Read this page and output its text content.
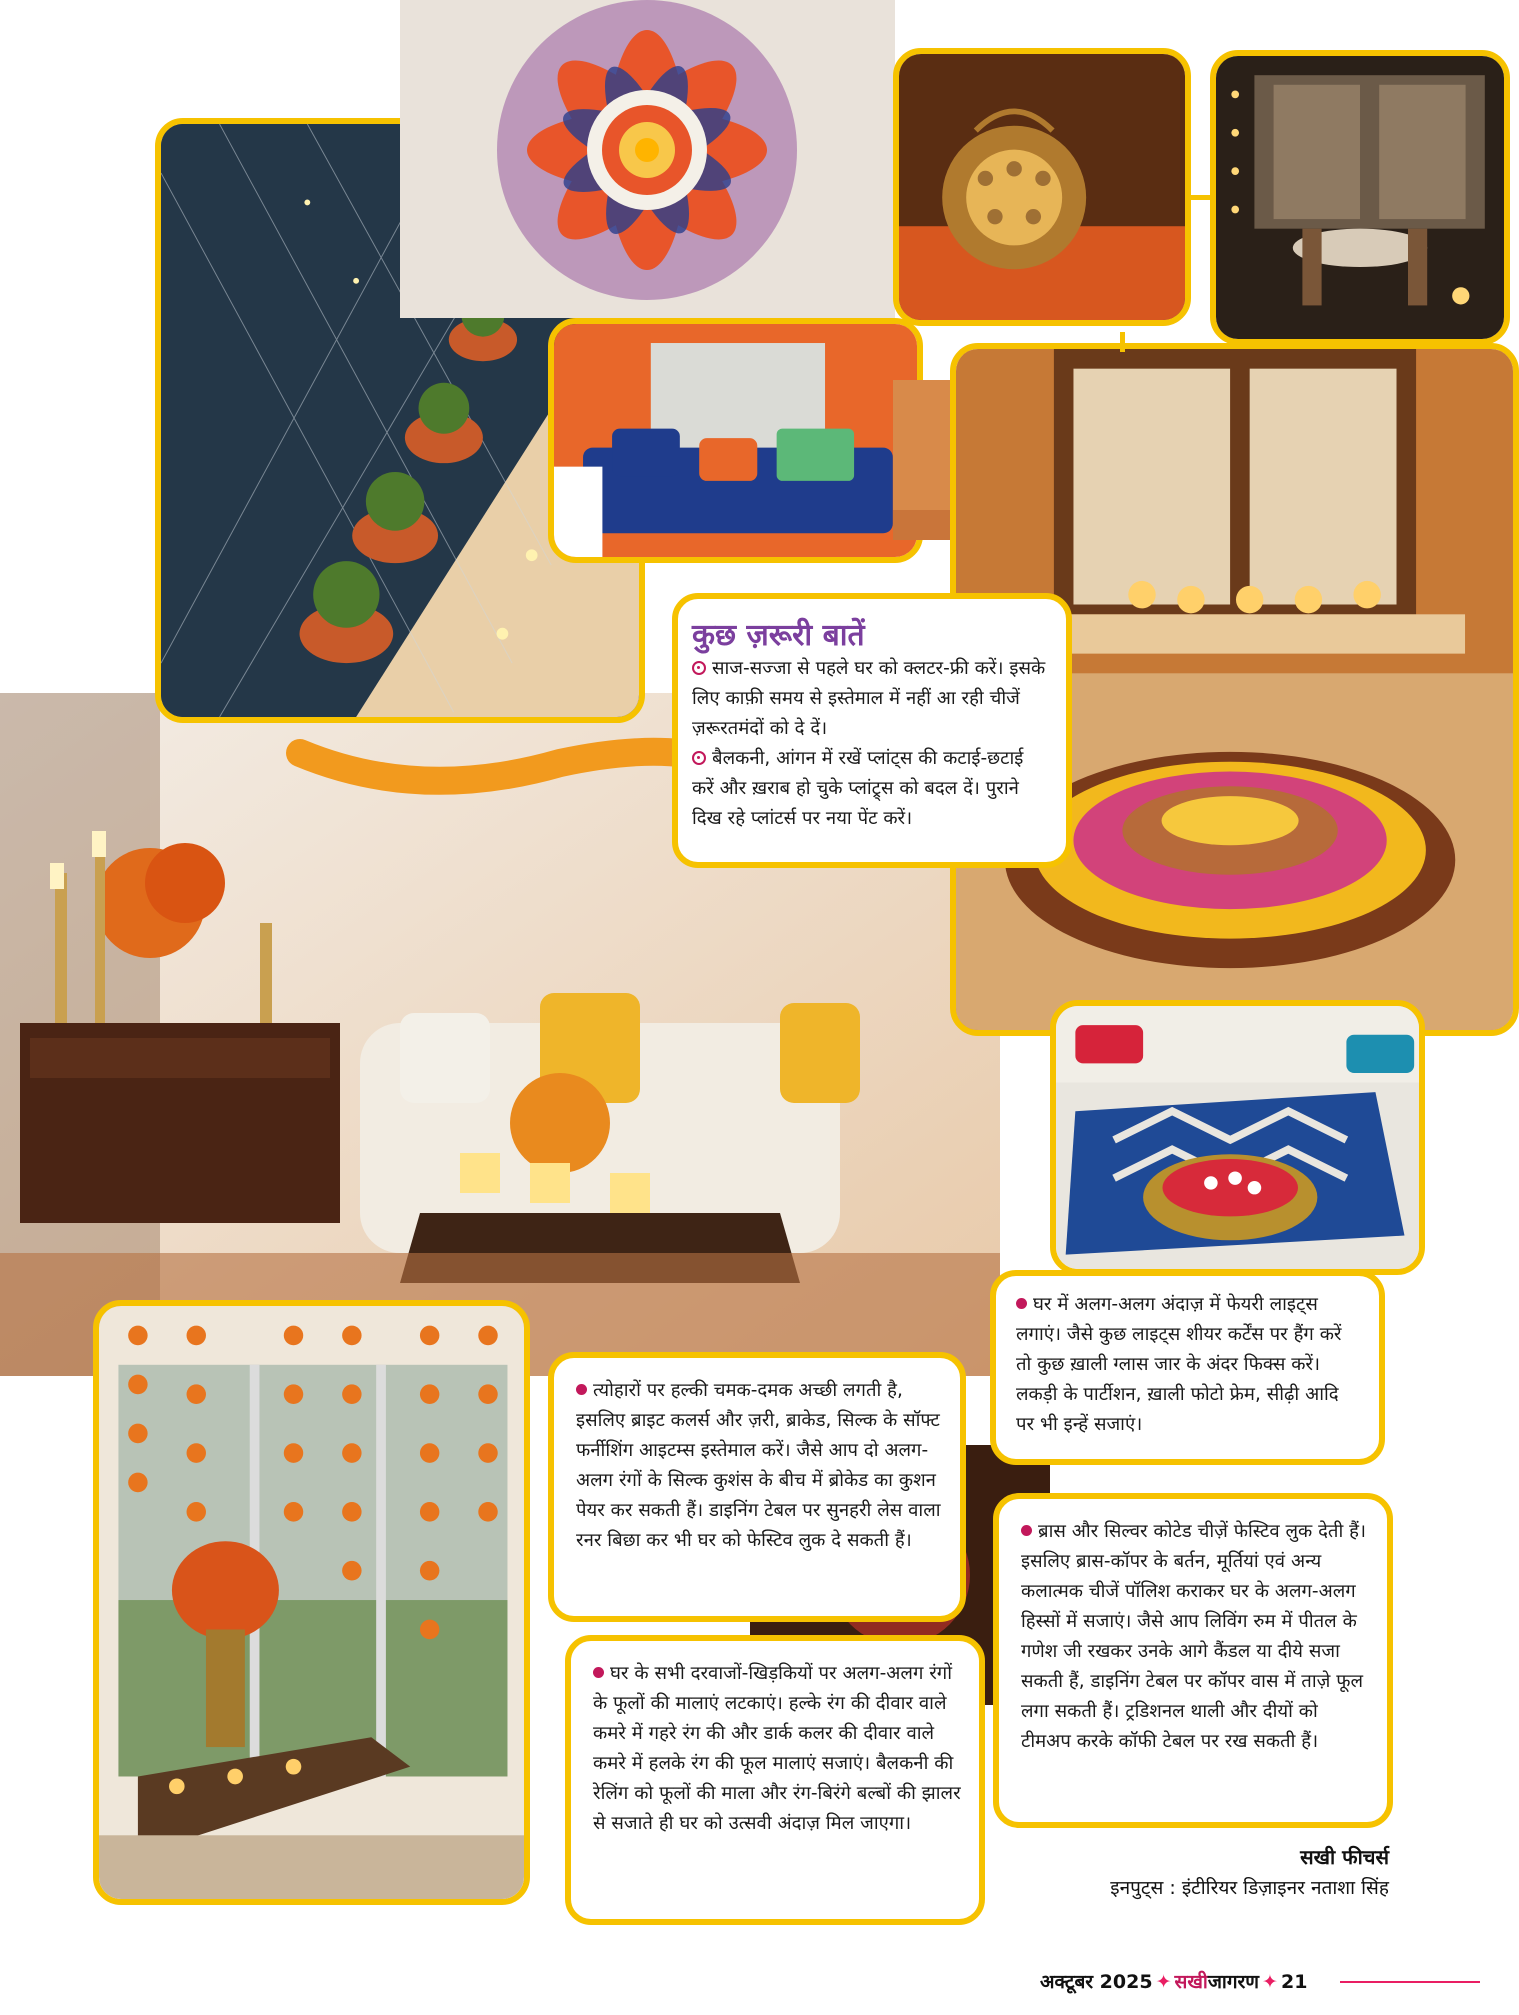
कुछ ज़रूरी बातें

साज-सज्जा से पहले घर को क्लटर-फ्री करें। इसके लिए काफ़ी समय से इस्तेमाल में नहीं आ रही चीजें ज़रूरतमंदों को दे दें।

बैलकनी, आंगन में रखें प्लांट्स की कटाई-छटाई करें और ख़राब हो चुके प्लांट्र्स को बदल दें। पुराने दिख रहे प्लांटर्स पर नया पेंट करें।

घर में अलग-अलग अंदाज़ में फेयरी लाइट्स लगाएं। जैसे कुछ लाइट्स शीयर कर्टेंस पर हैंग करें तो कुछ ख़ाली ग्लास जार के अंदर फिक्स करें। लकड़ी के पार्टीशन, ख़ाली फोटो फ्रेम, सीढ़ी आदि पर भी इन्हें सजाएं।

त्योहारों पर हल्की चमक-दमक अच्छी लगती है, इसलिए ब्राइट कलर्स और ज़री, ब्राकेड, सिल्क के सॉफ्ट फर्नीशिंग आइटम्स इस्तेमाल करें। जैसे आप दो अलग-अलग रंगों के सिल्क कुशंस के बीच में ब्रोकेड का कुशन पेयर कर सकती हैं। डाइनिंग टेबल पर सुनहरी लेस वाला रनर बिछा कर भी घर को फेस्टिव लुक दे सकती हैं।	ब्रास और सिल्वर कोटेड चीज़ें फेस्टिव लुक देती हैं। इसलिए ब्रास-कॉपर के बर्तन, मूर्तियां एवं अन्य कलात्मक चीजें पॉलिश कराकर घर के अलग-अलग हिस्सों में सजाएं। जैसे आप लिविंग रुम में पीतल के गणेश जी रखकर उनके आगे कैंडल या दीये सजा सकती हैं, डाइनिंग टेबल पर कॉपर वास में ताज़े फूल लगा सकती हैं। ट्रडिशनल थाली और दीयों को टीमअप करके कॉफी टेबल पर रख सकती हैं।

घर के सभी दरवाजों-खिड़कियों पर अलग-अलग रंगों के फूलों की मालाएं लटकाएं। हल्के रंग की दीवार वाले कमरे में गहरे रंग की और डार्क कलर की दीवार वाले कमरे में हलके रंग की फूल मालाएं सजाएं। बैलकनी की रेलिंग को फूलों की माला और रंग-बिरंगे बल्बों की झालर से सजाते ही घर को उत्सवी अंदाज़ मिल जाएगा।

सखी फीचर्स
इनपुट्स : इंटीरियर डिज़ाइनर नताशा सिंह
अक्टूबर 2025 ✦ सखीजागरण ✦ 21
